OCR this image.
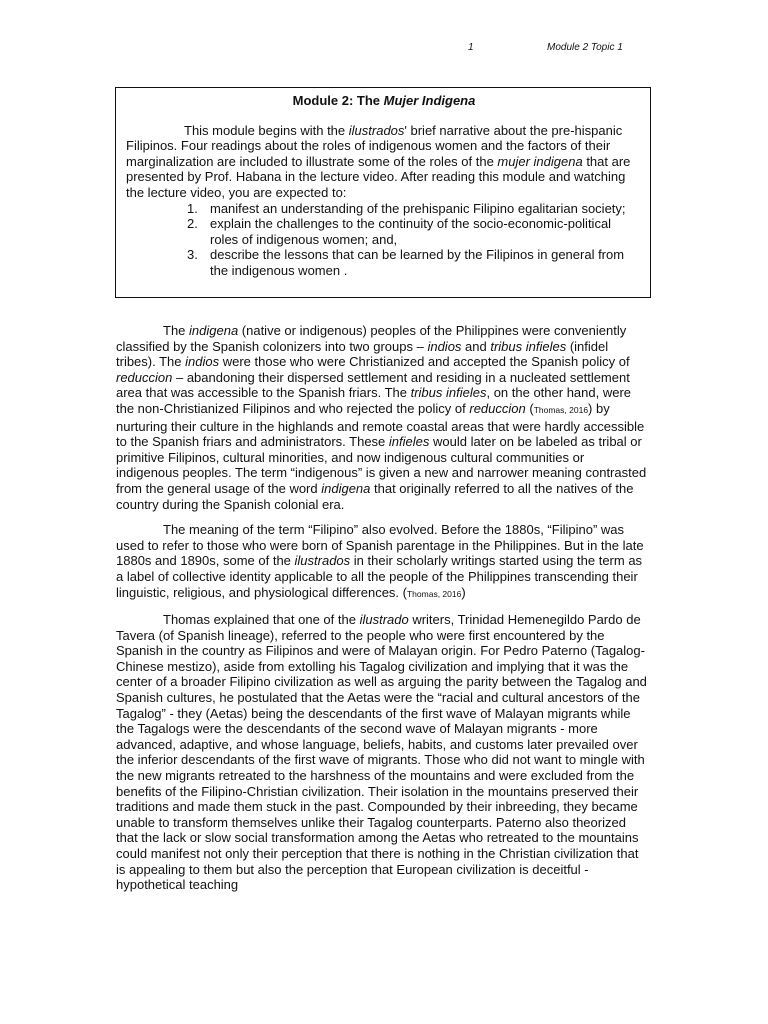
1	Module 2 Topic 1
Module 2: The Mujer Indigena

This module begins with the ilustrados' brief narrative about the pre-hispanic Filipinos. Four readings about the roles of indigenous women and the factors of their marginalization are included to illustrate some of the roles of the mujer indigena that are presented by Prof. Habana in the lecture video. After reading this module and watching the lecture video, you are expected to:

1. manifest an understanding of the prehispanic Filipino egalitarian society;
2. explain the challenges to the continuity of the socio-economic-political roles of indigenous women; and,
3. describe the lessons that can be learned by the Filipinos in general from the indigenous women .

The indigena (native or indigenous) peoples of the Philippines were conveniently classified by the Spanish colonizers into two groups – indios and tribus infieles (infidel tribes). The indios were those who were Christianized and accepted the Spanish policy of reduccion – abandoning their dispersed settlement and residing in a nucleated settlement area that was accessible to the Spanish friars. The tribus infieles, on the other hand, were the non-Christianized Filipinos and who rejected the policy of reduccion (Thomas, 2016) by nurturing their culture in the highlands and remote coastal areas that were hardly accessible to the Spanish friars and administrators. These infieles would later on be labeled as tribal or primitive Filipinos, cultural minorities, and now indigenous cultural communities or indigenous peoples. The term “indigenous” is given a new and narrower meaning contrasted from the general usage of the word indigena that originally referred to all the natives of the country during the Spanish colonial era.

The meaning of the term “Filipino” also evolved. Before the 1880s, “Filipino” was used to refer to those who were born of Spanish parentage in the Philippines. But in the late 1880s and 1890s, some of the ilustrados in their scholarly writings started using the term as a label of collective identity applicable to all the people of the Philippines transcending their linguistic, religious, and physiological differences. (Thomas, 2016)

Thomas explained that one of the ilustrado writers, Trinidad Hemenegildo Pardo de Tavera (of Spanish lineage), referred to the people who were first encountered by the Spanish in the country as Filipinos and were of Malayan origin. For Pedro Paterno (Tagalog-Chinese mestizo), aside from extolling his Tagalog civilization and implying that it was the center of a broader Filipino civilization as well as arguing the parity between the Tagalog and Spanish cultures, he postulated that the Aetas were the “racial and cultural ancestors of the Tagalog” - they (Aetas) being the descendants of the first wave of Malayan migrants while the Tagalogs were the descendants of the second wave of Malayan migrants - more advanced, adaptive, and whose language, beliefs, habits, and customs later prevailed over the inferior descendants of the first wave of migrants. Those who did not want to mingle with the new migrants retreated to the harshness of the mountains and were excluded from the benefits of the Filipino-Christian civilization. Their isolation in the mountains preserved their traditions and made them stuck in the past. Compounded by their inbreeding, they became unable to transform themselves unlike their Tagalog counterparts. Paterno also theorized that the lack or slow social transformation among the Aetas who retreated to the mountains could manifest not only their perception that there is nothing in the Christian civilization that is appealing to them but also the perception that European civilization is deceitful - hypothetical teaching
